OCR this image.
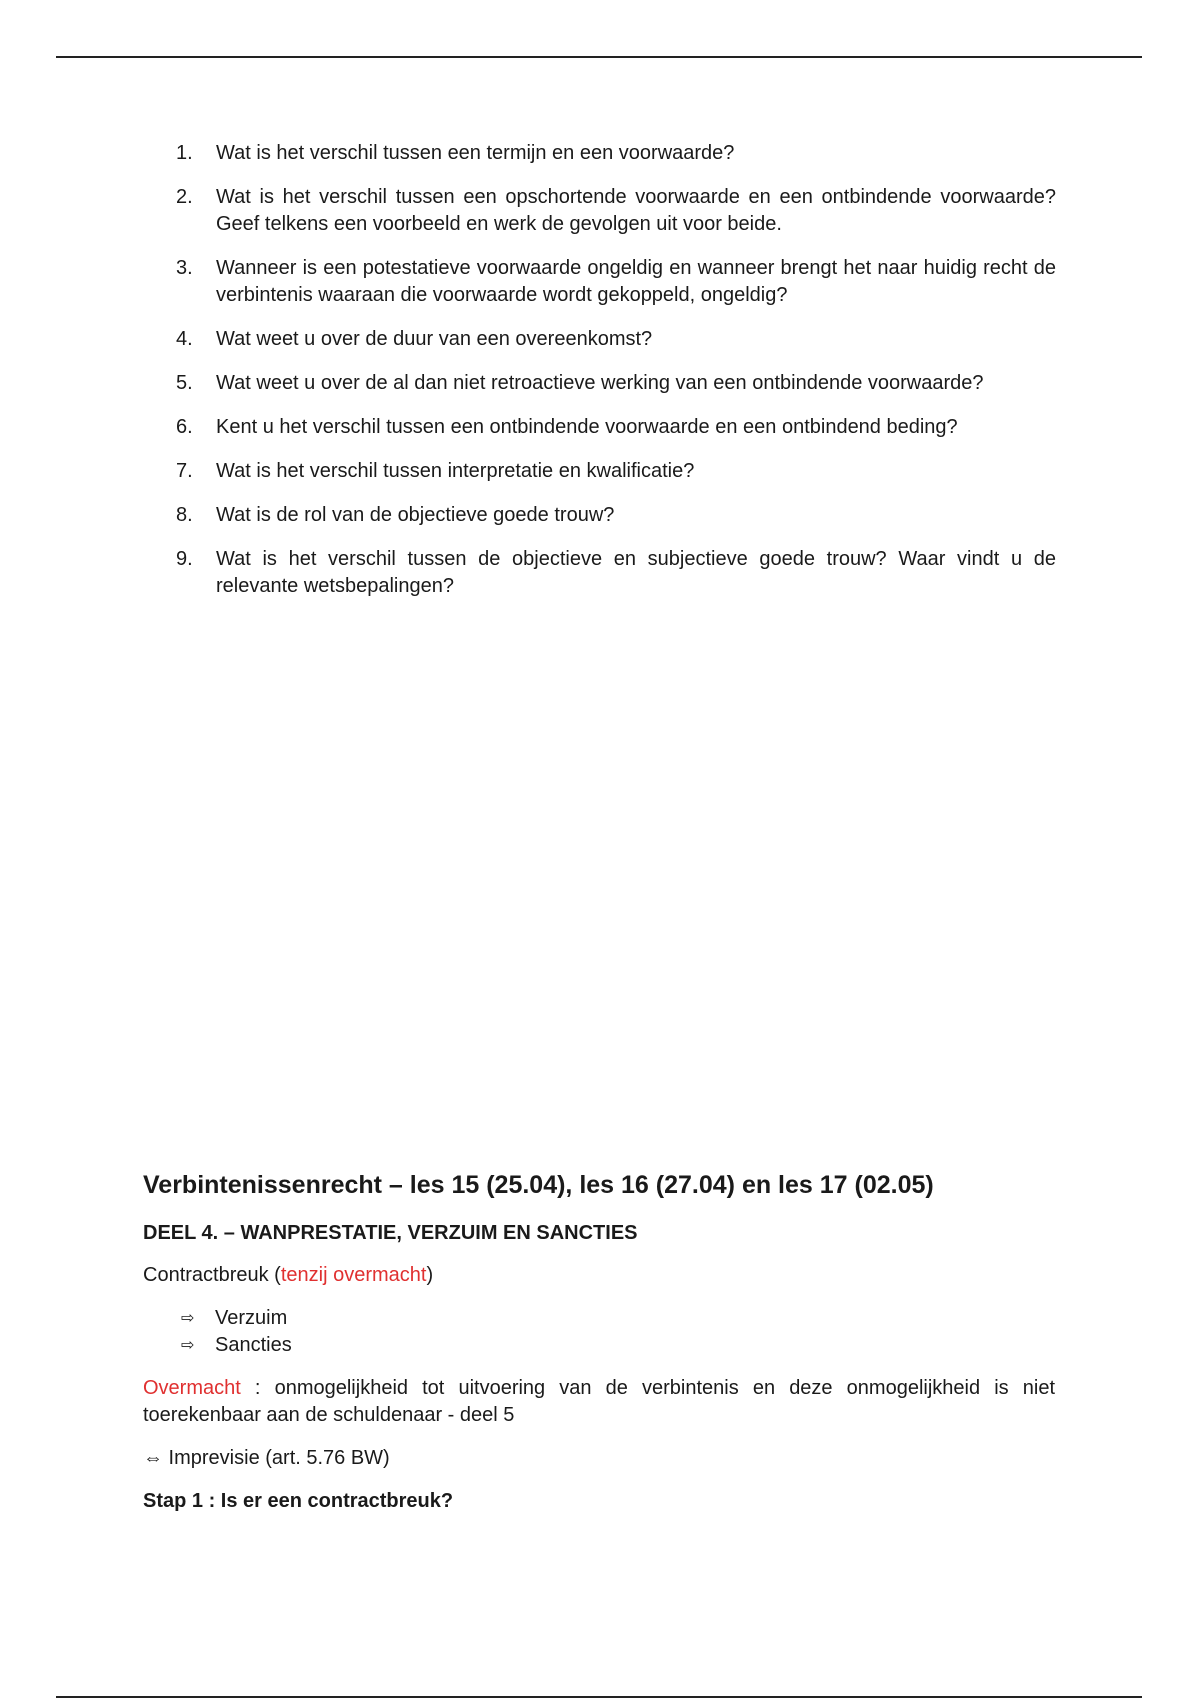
1.	Wat is het verschil tussen een termijn en een voorwaarde?
2.	Wat is het verschil tussen een opschortende voorwaarde en een ontbindende voorwaarde? Geef telkens een voorbeeld en werk de gevolgen uit voor beide.
3.	Wanneer is een potestatieve voorwaarde ongeldig en wanneer brengt het naar huidig recht de verbintenis waaraan die voorwaarde wordt gekoppeld, ongeldig?
4.	Wat weet u over de duur van een overeenkomst?
5.	Wat weet u over de al dan niet retroactieve werking van een ontbindende voorwaarde?
6.	Kent u het verschil tussen een ontbindende voorwaarde en een ontbindend beding?
7.	Wat is het verschil tussen interpretatie en kwalificatie?
8.	Wat is de rol van de objectieve goede trouw?
9.	Wat is het verschil tussen de objectieve en subjectieve goede trouw? Waar vindt u de relevante wetsbepalingen?
Verbintenissenrecht – les 15 (25.04), les 16 (27.04) en les 17 (02.05)
DEEL 4. – WANPRESTATIE, VERZUIM EN SANCTIES

Contractbreuk (tenzij overmacht)

⇨	Verzuim
⇨	Sancties

Overmacht : onmogelijkheid tot uitvoering van de verbintenis en deze onmogelijkheid is niet toerekenbaar aan de schuldenaar - deel 5

⇔ Imprevisie (art. 5.76 BW)

Stap 1 : Is er een contractbreuk?
